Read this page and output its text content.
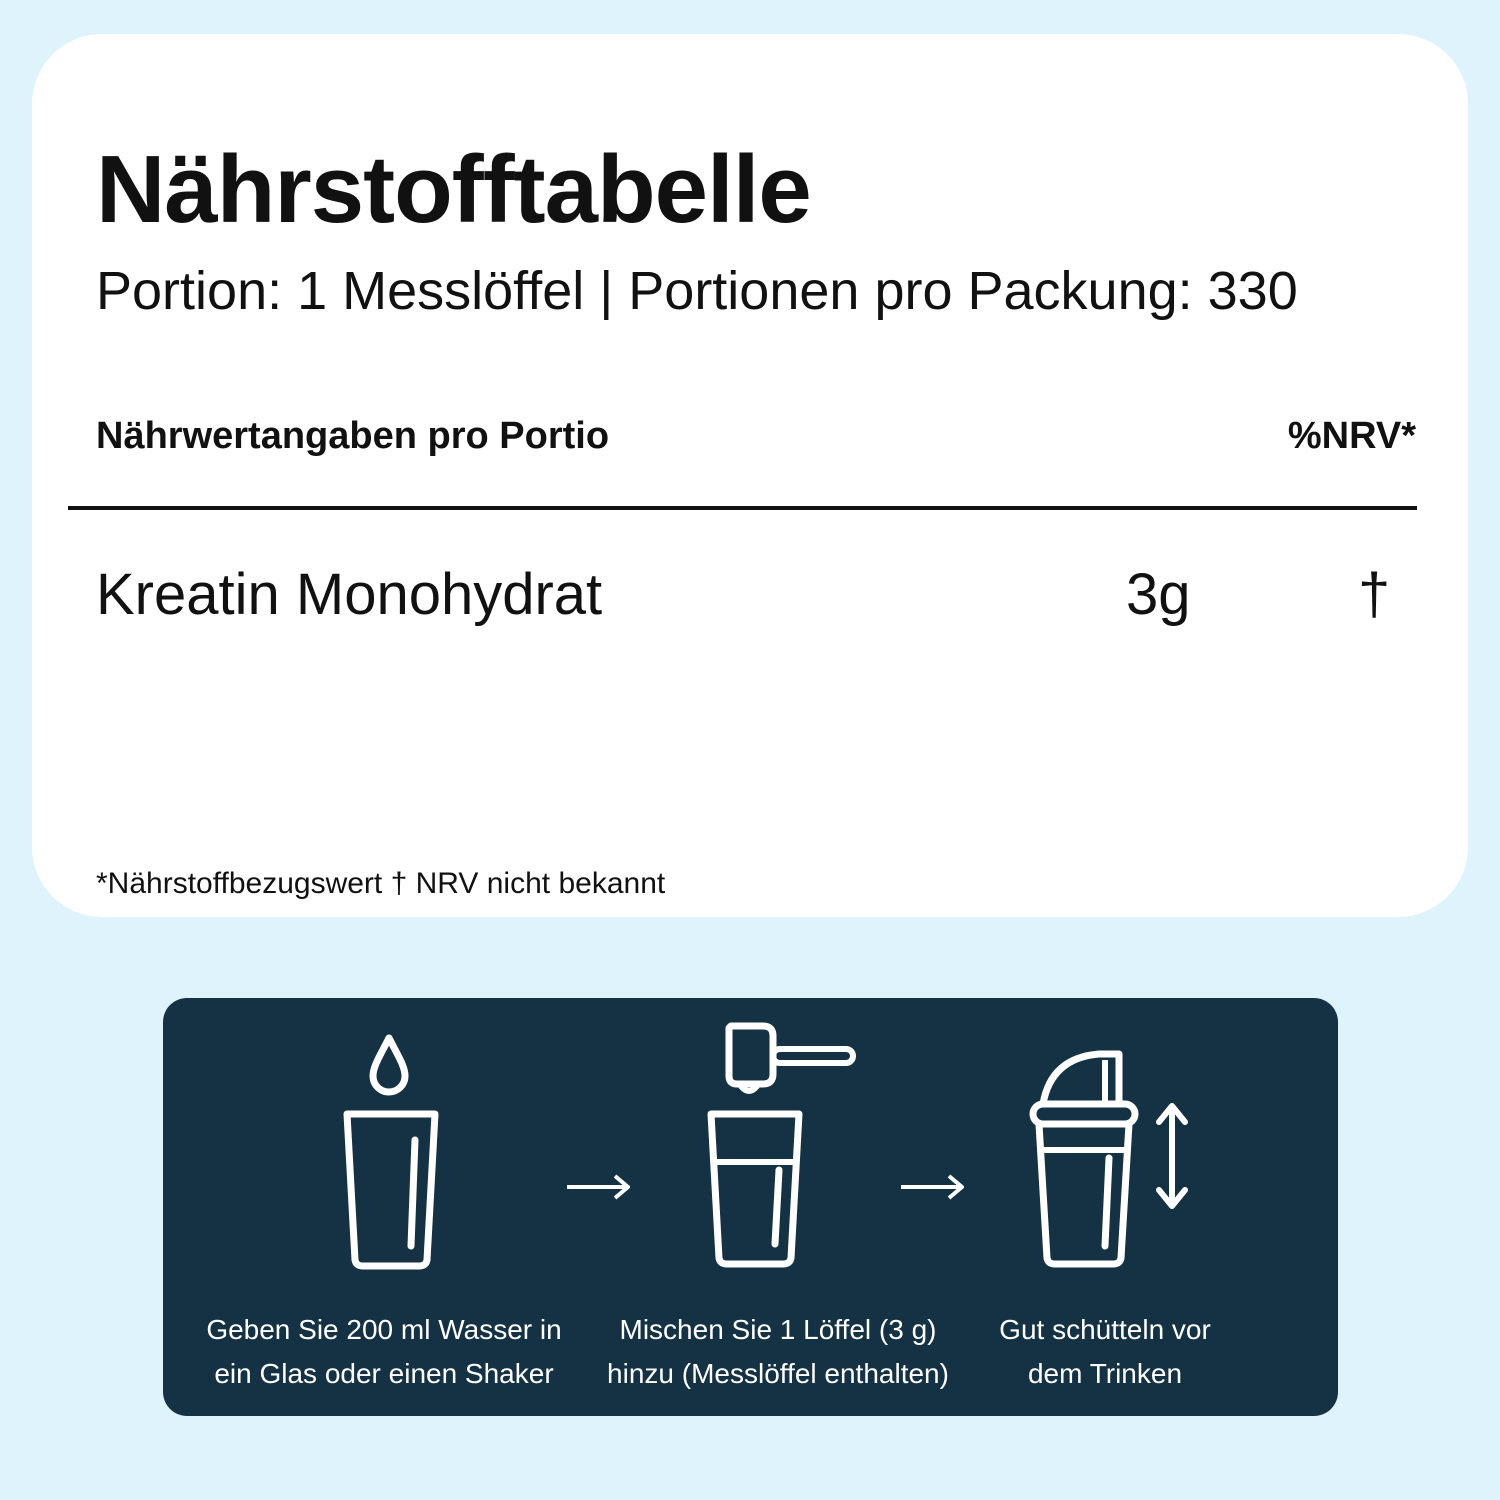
Nährstofftabelle
Portion: 1 Messlöffel | Portionen pro Packung: 330
Nährwertangaben pro Portio	%NRV*
Kreatin Monohydrat	3g	†
*Nährstoffbezugswert † NRV nicht bekannt
Geben Sie 200 ml Wasser in
ein Glas oder einen Shaker
Mischen Sie 1 Löffel (3 g)
hinzu (Messlöffel enthalten)
Gut schütteln vor
dem Trinken
